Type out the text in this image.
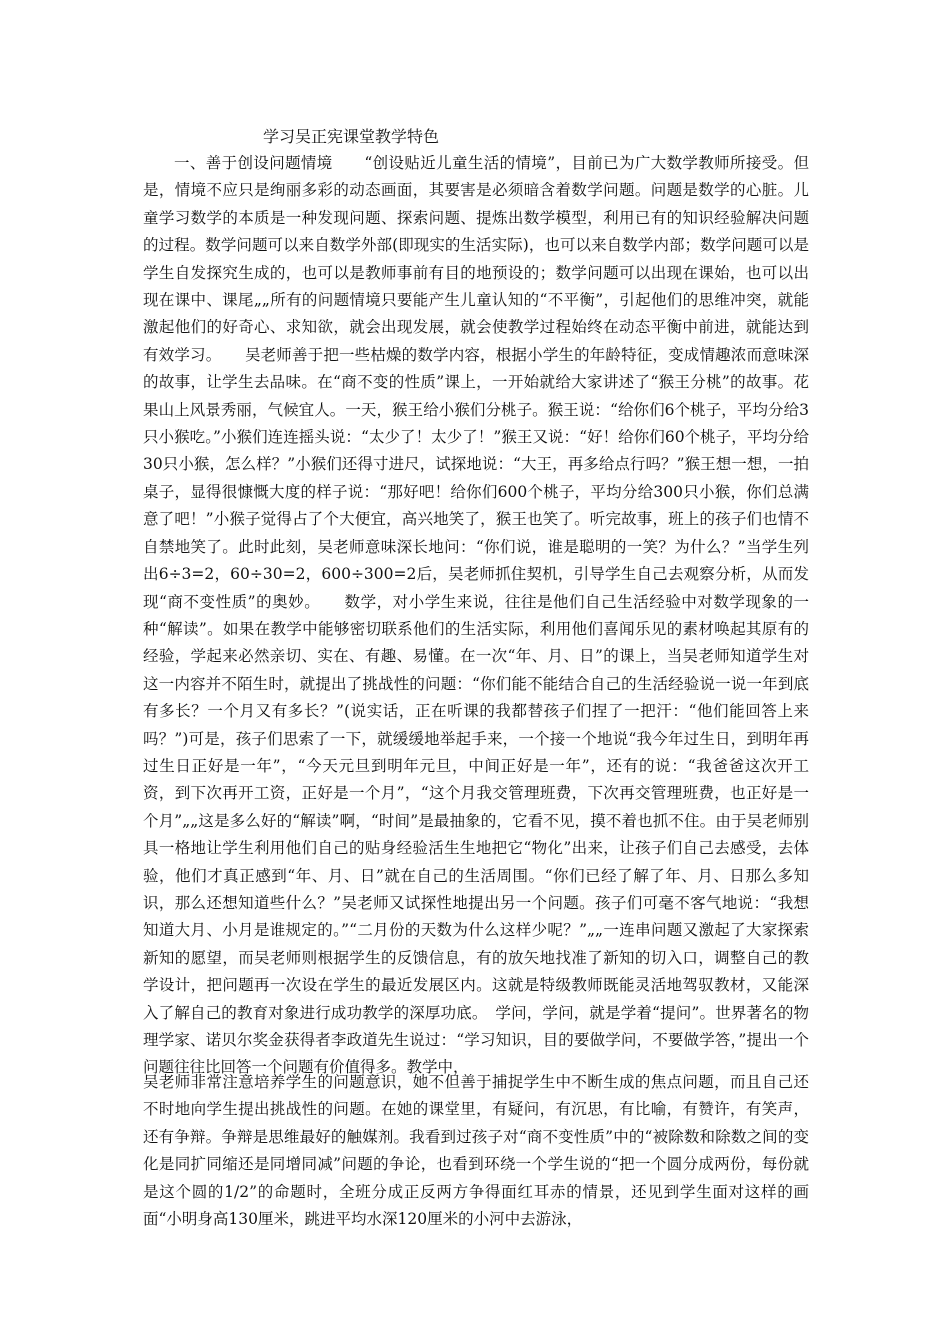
学习吴正宪课堂教学特色

一、善于创设问题情境　　“创设贴近儿童生活的情境”，目前已为广大数学教师所接受。但是，情境不应只是绚丽多彩的动态画面，其要害是必须暗含着数学问题。问题是数学的心脏。儿童学习数学的本质是一种发现问题、探索问题、提炼出数学模型，利用已有的知识经验解决问题的过程。数学问题可以来自数学外部(即现实的生活实际)，也可以来自数学内部；数学问题可以是学生自发探究生成的，也可以是教师事前有目的地预设的；数学问题可以出现在课始，也可以出现在课中、课尾„„所有的问题情境只要能产生儿童认知的“不平衡”，引起他们的思维冲突，就能激起他们的好奇心、求知欲，就会出现发展，就会使教学过程始终在动态平衡中前进，就能达到有效学习。　　吴老师善于把一些枯燥的数学内容，根据小学生的年龄特征，变成情趣浓而意味深的故事，让学生去品味。在“商不变的性质”课上，一开始就给大家讲述了“猴王分桃”的故事。花果山上风景秀丽，气候宜人。一天，猴王给小猴们分桃子。猴王说：“给你们6个桃子，平均分给3只小猴吃。”小猴们连连摇头说：“太少了！太少了！”猴王又说：“好！给你们60个桃子，平均分给30只小猴，怎么样？”小猴们还得寸进尺，试探地说：“大王，再多给点行吗？”猴王想一想，一拍桌子，显得很慷慨大度的样子说：“那好吧！给你们600个桃子，平均分给300只小猴，你们总满意了吧！”小猴子觉得占了个大便宜，高兴地笑了，猴王也笑了。听完故事，班上的孩子们也情不自禁地笑了。此时此刻，吴老师意味深长地问：“你们说，谁是聪明的一笑？为什么？”当学生列出6÷3=2，60÷30=2，600÷300=2后，吴老师抓住契机，引导学生自己去观察分析，从而发现“商不变性质”的奥妙。　　数学，对小学生来说，往往是他们自己生活经验中对数学现象的一种“解读”。如果在教学中能够密切联系他们的生活实际，利用他们喜闻乐见的素材唤起其原有的经验，学起来必然亲切、实在、有趣、易懂。在一次“年、月、日”的课上，当吴老师知道学生对这一内容并不陌生时，就提出了挑战性的问题：“你们能不能结合自己的生活经验说一说一年到底有多长？一个月又有多长？”(说实话，正在听课的我都替孩子们捏了一把汗：“他们能回答上来吗？”)可是，孩子们思索了一下，就缓缓地举起手来，一个接一个地说“我今年过生日，到明年再过生日正好是一年”，“今天元旦到明年元旦，中间正好是一年”，还有的说：“我爸爸这次开工资，到下次再开工资，正好是一个月”，“这个月我交管理班费，下次再交管理班费，也正好是一个月”„„这是多么好的“解读”啊，“时间”是最抽象的，它看不见，摸不着也抓不住。由于吴老师别具一格地让学生利用他们自己的贴身经验活生生地把它“物化”出来，让孩子们自己去感受，去体验，他们才真正感到“年、月、日”就在自己的生活周围。“你们已经了解了年、月、日那么多知识，那么还想知道些什么？”吴老师又试探性地提出另一个问题。孩子们可毫不客气地说：“我想知道大月、小月是谁规定的。”“二月份的天数为什么这样少呢？”„„一连串问题又激起了大家探索新知的愿望，而吴老师则根据学生的反馈信息，有的放矢地找准了新知的切入口，调整自己的教学设计，把问题再一次设在学生的最近发展区内。这就是特级教师既能灵活地驾驭教材，又能深入了解自己的教育对象进行成功教学的深厚功底。　学问，学问，就是学着“提问”。世界著名的物理学家、诺贝尔奖金获得者李政道先生说过：“学习知识，目的要做学问，不要做学答，”提出一个问题往往比回答一个问题有价值得多。教学中，

吴老师非常注意培养学生的问题意识，她不但善于捕捉学生中不断生成的焦点问题，而且自己还不时地向学生提出挑战性的问题。在她的课堂里，有疑问，有沉思，有比喻，有赞许，有笑声，还有争辩。争辩是思维最好的触媒剂。我看到过孩子对“商不变性质”中的“被除数和除数之间的变化是同扩同缩还是同增同减”问题的争论，也看到环绕一个学生说的“把一个圆分成两份，每份就是这个圆的1/2”的命题时，全班分成正反两方争得面红耳赤的情景，还见到学生面对这样的画面“小明身高130厘米，跳进平均水深120厘米的小河中去游泳，
